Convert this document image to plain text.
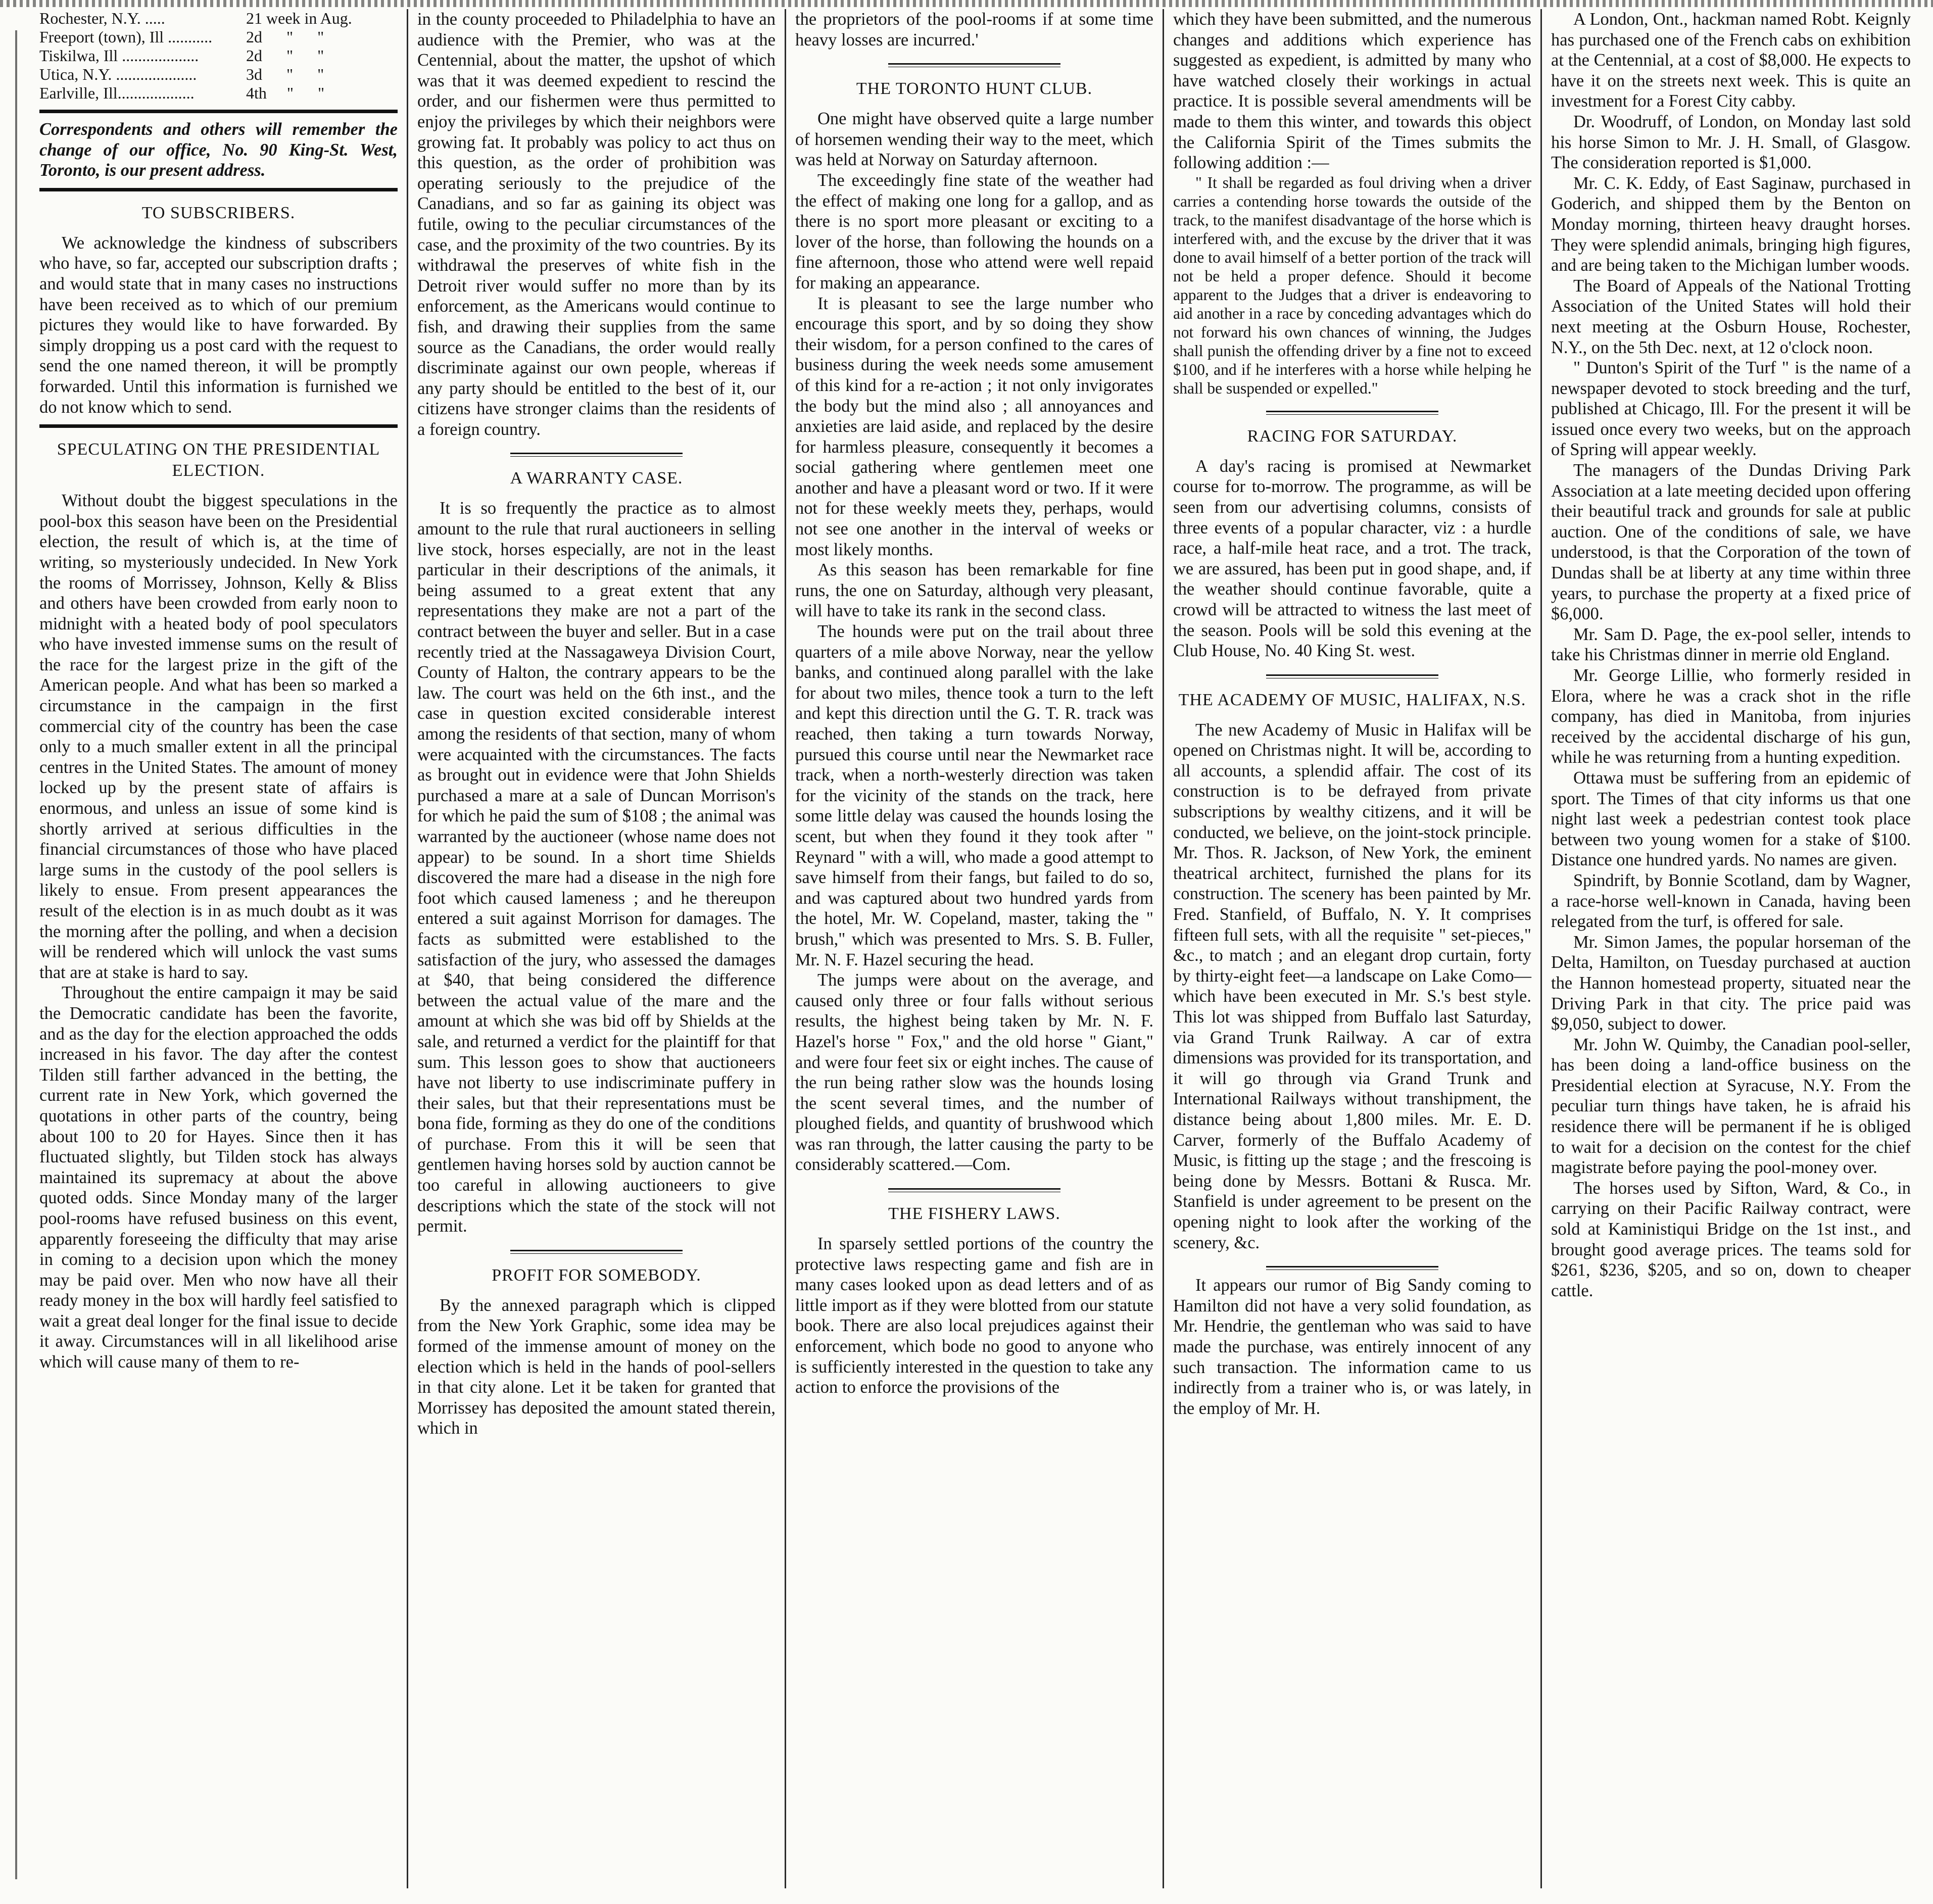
Rochester, N.Y. .....	21 week in Aug.
Freeport (town), Ill ...........	2d      "      "
Tiskilwa, Ill ...................	2d      "      "
Utica, N.Y. ....................	3d      "      "
Earlville, Ill...................	4th     "      "

Correspondents and others will remember the change of our office, No. 90 King-St. West, Toronto, is our present address.

TO SUBSCRIBERS.

We acknowledge the kindness of subscribers who have, so far, accepted our subscription drafts ; and would state that in many cases no instructions have been received as to which of our premium pictures they would like to have forwarded. By simply dropping us a post card with the request to send the one named thereon, it will be promptly forwarded. Until this information is furnished we do not know which to send.

SPECULATING ON THE PRESIDENTIAL ELECTION.

Without doubt the biggest speculations in the pool-box this season have been on the Presidential election, the result of which is, at the time of writing, so mysteriously undecided. In New York the rooms of Morrissey, Johnson, Kelly & Bliss and others have been crowded from early noon to midnight with a heated body of pool speculators who have invested immense sums on the result of the race for the largest prize in the gift of the American people. And what has been so marked a circumstance in the campaign in the first commercial city of the country has been the case only to a much smaller extent in all the principal centres in the United States. The amount of money locked up by the present state of affairs is enormous, and unless an issue of some kind is shortly arrived at serious difficulties in the financial circumstances of those who have placed large sums in the custody of the pool sellers is likely to ensue. From present appearances the result of the election is in as much doubt as it was the morning after the polling, and when a decision will be rendered which will unlock the vast sums that are at stake is hard to say.

Throughout the entire campaign it may be said the Democratic candidate has been the favorite, and as the day for the election approached the odds increased in his favor. The day after the contest Tilden still farther advanced in the betting, the current rate in New York, which governed the quotations in other parts of the country, being about 100 to 20 for Hayes. Since then it has fluctuated slightly, but Tilden stock has always maintained its supremacy at about the above quoted odds. Since Monday many of the larger pool-rooms have refused business on this event, apparently foreseeing the difficulty that may arise in coming to a decision upon which the money may be paid over. Men who now have all their ready money in the box will hardly feel satisfied to wait a great deal longer for the final issue to decide it away. Circumstances will in all likelihood arise which will cause many of them to re-

in the county proceeded to Philadelphia to have an audience with the Premier, who was at the Centennial, about the matter, the upshot of which was that it was deemed expedient to rescind the order, and our fishermen were thus permitted to enjoy the privileges by which their neighbors were growing fat. It probably was policy to act thus on this question, as the order of prohibition was operating seriously to the prejudice of the Canadians, and so far as gaining its object was futile, owing to the peculiar circumstances of the case, and the proximity of the two countries. By its withdrawal the preserves of white fish in the Detroit river would suffer no more than by its enforcement, as the Americans would continue to fish, and drawing their supplies from the same source as the Canadians, the order would really discriminate against our own people, whereas if any party should be entitled to the best of it, our citizens have stronger claims than the residents of a foreign country.

A WARRANTY CASE.

It is so frequently the practice as to almost amount to the rule that rural auctioneers in selling live stock, horses especially, are not in the least particular in their descriptions of the animals, it being assumed to a great extent that any representations they make are not a part of the contract between the buyer and seller. But in a case recently tried at the Nassagaweya Division Court, County of Halton, the contrary appears to be the law. The court was held on the 6th inst., and the case in question excited considerable interest among the residents of that section, many of whom were acquainted with the circumstances. The facts as brought out in evidence were that John Shields purchased a mare at a sale of Duncan Morrison's for which he paid the sum of $108 ; the animal was warranted by the auctioneer (whose name does not appear) to be sound. In a short time Shields discovered the mare had a disease in the nigh fore foot which caused lameness ; and he thereupon entered a suit against Morrison for damages. The facts as submitted were established to the satisfaction of the jury, who assessed the damages at $40, that being considered the difference between the actual value of the mare and the amount at which she was bid off by Shields at the sale, and returned a verdict for the plaintiff for that sum. This lesson goes to show that auctioneers have not liberty to use indiscriminate puffery in their sales, but that their representations must be bona fide, forming as they do one of the conditions of purchase. From this it will be seen that gentlemen having horses sold by auction cannot be too careful in allowing auctioneers to give descriptions which the state of the stock will not permit.

PROFIT FOR SOMEBODY.

By the annexed paragraph which is clipped from the New York Graphic, some idea may be formed of the immense amount of money on the election which is held in the hands of pool-sellers in that city alone. Let it be taken for granted that Morrissey has deposited the amount stated therein, which in

the proprietors of the pool-rooms if at some time heavy losses are incurred.'

THE TORONTO HUNT CLUB.

One might have observed quite a large number of horsemen wending their way to the meet, which was held at Norway on Saturday afternoon.

The exceedingly fine state of the weather had the effect of making one long for a gallop, and as there is no sport more pleasant or exciting to a lover of the horse, than following the hounds on a fine afternoon, those who attend were well repaid for making an appearance.

It is pleasant to see the large number who encourage this sport, and by so doing they show their wisdom, for a person confined to the cares of business during the week needs some amusement of this kind for a re-action ; it not only invigorates the body but the mind also ; all annoyances and anxieties are laid aside, and replaced by the desire for harmless pleasure, consequently it becomes a social gathering where gentlemen meet one another and have a pleasant word or two. If it were not for these weekly meets they, perhaps, would not see one another in the interval of weeks or most likely months.

As this season has been remarkable for fine runs, the one on Saturday, although very pleasant, will have to take its rank in the second class.

The hounds were put on the trail about three quarters of a mile above Norway, near the yellow banks, and continued along parallel with the lake for about two miles, thence took a turn to the left and kept this direction until the G. T. R. track was reached, then taking a turn towards Norway, pursued this course until near the Newmarket race track, when a north-westerly direction was taken for the vicinity of the stands on the track, here some little delay was caused the hounds losing the scent, but when they found it they took after " Reynard " with a will, who made a good attempt to save himself from their fangs, but failed to do so, and was captured about two hundred yards from the hotel, Mr. W. Copeland, master, taking the " brush," which was presented to Mrs. S. B. Fuller, Mr. N. F. Hazel securing the head.

The jumps were about on the average, and caused only three or four falls without serious results, the highest being taken by Mr. N. F. Hazel's horse " Fox," and the old horse " Giant," and were four feet six or eight inches. The cause of the run being rather slow was the hounds losing the scent several times, and the number of ploughed fields, and quantity of brushwood which was ran through, the latter causing the party to be considerably scattered.—Com.

THE FISHERY LAWS.

In sparsely settled portions of the country the protective laws respecting game and fish are in many cases looked upon as dead letters and of as little import as if they were blotted from our statute book. There are also local prejudices against their enforcement, which bode no good to anyone who is sufficiently interested in the question to take any action to enforce the provisions of the

which they have been submitted, and the numerous changes and additions which experience has suggested as expedient, is admitted by many who have watched closely their workings in actual practice. It is possible several amendments will be made to them this winter, and towards this object the California Spirit of the Times submits the following addition :—

" It shall be regarded as foul driving when a driver carries a contending horse towards the outside of the track, to the manifest disadvantage of the horse which is interfered with, and the excuse by the driver that it was done to avail himself of a better portion of the track will not be held a proper defence. Should it become apparent to the Judges that a driver is endeavoring to aid another in a race by conceding advantages which do not forward his own chances of winning, the Judges shall punish the offending driver by a fine not to exceed $100, and if he interferes with a horse while helping he shall be suspended or expelled."

RACING FOR SATURDAY.

A day's racing is promised at Newmarket course for to-morrow. The programme, as will be seen from our advertising columns, consists of three events of a popular character, viz : a hurdle race, a half-mile heat race, and a trot. The track, we are assured, has been put in good shape, and, if the weather should continue favorable, quite a crowd will be attracted to witness the last meet of the season. Pools will be sold this evening at the Club House, No. 40 King St. west.

THE ACADEMY OF MUSIC, HALIFAX, N.S.

The new Academy of Music in Halifax will be opened on Christmas night. It will be, according to all accounts, a splendid affair. The cost of its construction is to be defrayed from private subscriptions by wealthy citizens, and it will be conducted, we believe, on the joint-stock principle. Mr. Thos. R. Jackson, of New York, the eminent theatrical architect, furnished the plans for its construction. The scenery has been painted by Mr. Fred. Stanfield, of Buffalo, N. Y. It comprises fifteen full sets, with all the requisite " set-pieces," &c., to match ; and an elegant drop curtain, forty by thirty-eight feet—a landscape on Lake Como—which have been executed in Mr. S.'s best style. This lot was shipped from Buffalo last Saturday, via Grand Trunk Railway. A car of extra dimensions was provided for its transportation, and it will go through via Grand Trunk and International Railways without transhipment, the distance being about 1,800 miles. Mr. E. D. Carver, formerly of the Buffalo Academy of Music, is fitting up the stage ; and the frescoing is being done by Messrs. Bottani & Rusca. Mr. Stanfield is under agreement to be present on the opening night to look after the working of the scenery, &c.

It appears our rumor of Big Sandy coming to Hamilton did not have a very solid foundation, as Mr. Hendrie, the gentleman who was said to have made the purchase, was entirely innocent of any such transaction. The information came to us indirectly from a trainer who is, or was lately, in the employ of Mr. H.

A London, Ont., hackman named Robt. Keignly has purchased one of the French cabs on exhibition at the Centennial, at a cost of $8,000. He expects to have it on the streets next week. This is quite an investment for a Forest City cabby.

Dr. Woodruff, of London, on Monday last sold his horse Simon to Mr. J. H. Small, of Glasgow. The consideration reported is $1,000.

Mr. C. K. Eddy, of East Saginaw, purchased in Goderich, and shipped them by the Benton on Monday morning, thirteen heavy draught horses. They were splendid animals, bringing high figures, and are being taken to the Michigan lumber woods.

The Board of Appeals of the National Trotting Association of the United States will hold their next meeting at the Osburn House, Rochester, N.Y., on the 5th Dec. next, at 12 o'clock noon.

" Dunton's Spirit of the Turf " is the name of a newspaper devoted to stock breeding and the turf, published at Chicago, Ill. For the present it will be issued once every two weeks, but on the approach of Spring will appear weekly.

The managers of the Dundas Driving Park Association at a late meeting decided upon offering their beautiful track and grounds for sale at public auction. One of the conditions of sale, we have understood, is that the Corporation of the town of Dundas shall be at liberty at any time within three years, to purchase the property at a fixed price of $6,000.

Mr. Sam D. Page, the ex-pool seller, intends to take his Christmas dinner in merrie old England.

Mr. George Lillie, who formerly resided in Elora, where he was a crack shot in the rifle company, has died in Manitoba, from injuries received by the accidental discharge of his gun, while he was returning from a hunting expedition.

Ottawa must be suffering from an epidemic of sport. The Times of that city informs us that one night last week a pedestrian contest took place between two young women for a stake of $100. Distance one hundred yards. No names are given.

Spindrift, by Bonnie Scotland, dam by Wagner, a race-horse well-known in Canada, having been relegated from the turf, is offered for sale.

Mr. Simon James, the popular horseman of the Delta, Hamilton, on Tuesday purchased at auction the Hannon homestead property, situated near the Driving Park in that city. The price paid was $9,050, subject to dower.

Mr. John W. Quimby, the Canadian pool-seller, has been doing a land-office business on the Presidential election at Syracuse, N.Y. From the peculiar turn things have taken, he is afraid his residence there will be permanent if he is obliged to wait for a decision on the contest for the chief magistrate before paying the pool-money over.

The horses used by Sifton, Ward, & Co., in carrying on their Pacific Railway contract, were sold at Kaministiqui Bridge on the 1st inst., and brought good average prices. The teams sold for $261, $236, $205, and so on, down to cheaper cattle.
